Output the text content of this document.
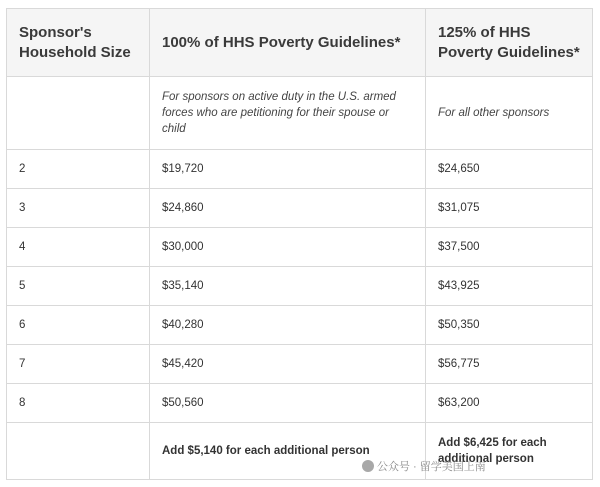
Sponsor's Household Size	100% of HHS Poverty Guidelines*	125% of HHS Poverty Guidelines*
	For sponsors on active duty in the U.S. armed forces who are petitioning for their spouse or child	For all other sponsors
2	$19,720	$24,650
3	$24,860	$31,075
4	$30,000	$37,500
5	$35,140	$43,925
6	$40,280	$50,350
7	$45,420	$56,775
8	$50,560	$63,200
	Add $5,140 for each additional person	Add $6,425 for each additional person
公众号 · 留学美国上南
